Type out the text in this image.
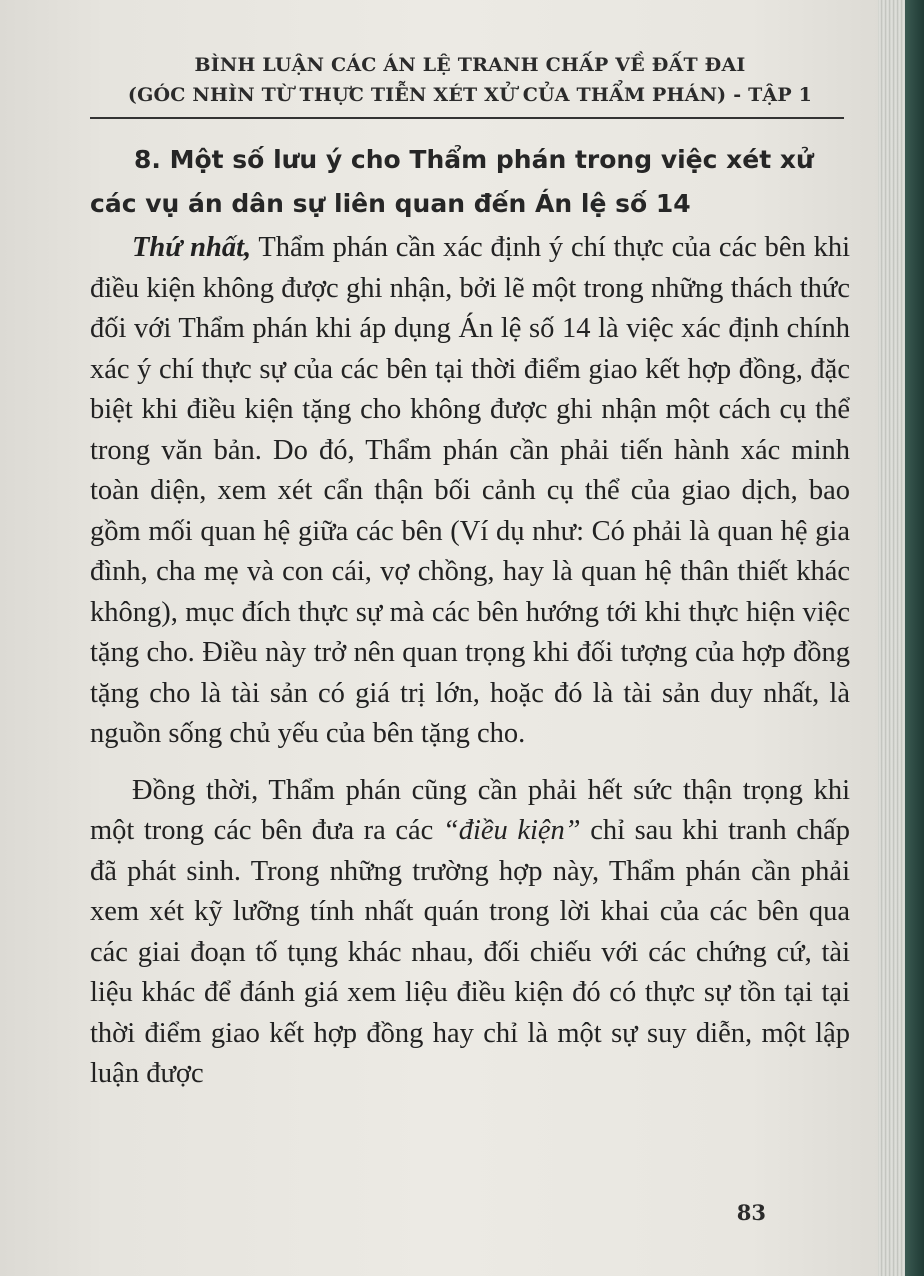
BÌNH LUẬN CÁC ÁN LỆ TRANH CHẤP VỀ ĐẤT ĐAI
(GÓC NHÌN TỪ THỰC TIỄN XÉT XỬ CỦA THẨM PHÁN) - TẬP 1
8. Một số lưu ý cho Thẩm phán trong việc xét xử
các vụ án dân sự liên quan đến Án lệ số 14

Thứ nhất, Thẩm phán cần xác định ý chí thực của các bên khi điều kiện không được ghi nhận, bởi lẽ một trong những thách thức đối với Thẩm phán khi áp dụng Án lệ số 14 là việc xác định chính xác ý chí thực sự của các bên tại thời điểm giao kết hợp đồng, đặc biệt khi điều kiện tặng cho không được ghi nhận một cách cụ thể trong văn bản. Do đó, Thẩm phán cần phải tiến hành xác minh toàn diện, xem xét cẩn thận bối cảnh cụ thể của giao dịch, bao gồm mối quan hệ giữa các bên (Ví dụ như: Có phải là quan hệ gia đình, cha mẹ và con cái, vợ chồng, hay là quan hệ thân thiết khác không), mục đích thực sự mà các bên hướng tới khi thực hiện việc tặng cho. Điều này trở nên quan trọng khi đối tượng của hợp đồng tặng cho là tài sản có giá trị lớn, hoặc đó là tài sản duy nhất, là nguồn sống chủ yếu của bên tặng cho.

Đồng thời, Thẩm phán cũng cần phải hết sức thận trọng khi một trong các bên đưa ra các “điều kiện” chỉ sau khi tranh chấp đã phát sinh. Trong những trường hợp này, Thẩm phán cần phải xem xét kỹ lưỡng tính nhất quán trong lời khai của các bên qua các giai đoạn tố tụng khác nhau, đối chiếu với các chứng cứ, tài liệu khác để đánh giá xem liệu điều kiện đó có thực sự tồn tại tại thời điểm giao kết hợp đồng hay chỉ là một sự suy diễn, một lập luận được

83
